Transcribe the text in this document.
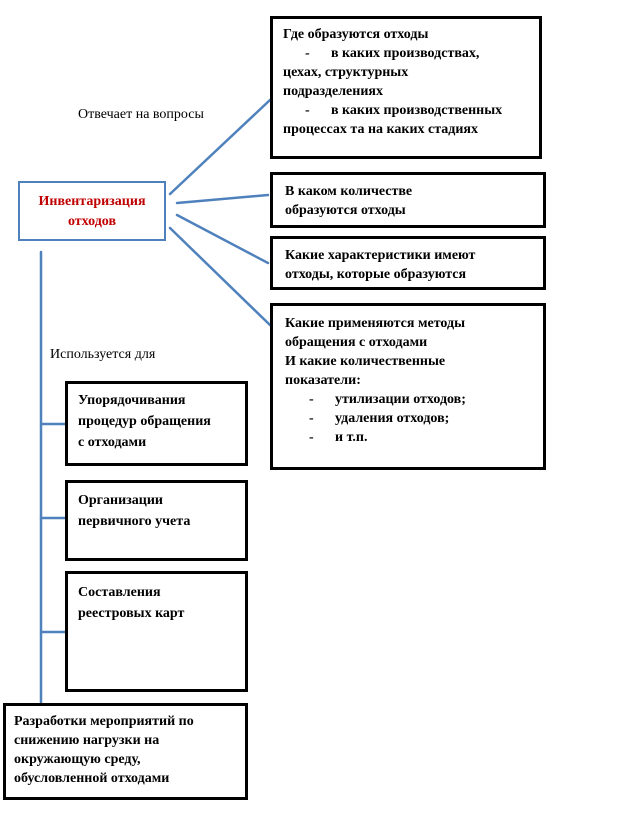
Инвентаризация
отходов
Отвечает на вопросы
Используется для
Где образуются отходы
- в каких производствах,
цехах, структурных
подразделениях
- в каких производственных
процессах та на каких стадиях
В каком количестве
образуются отходы
Какие характеристики имеют
отходы, которые образуются
Какие применяются методы
обращения с отходами
И какие количественные
показатели:
- утилизации отходов;
- удаления отходов;
- и т.п.
Упорядочивания
процедур обращения
с отходами
Организации
первичного учета
Составления
реестровых карт
Разработки мероприятий по
снижению нагрузки на
окружающую среду,
обусловленной отходами
